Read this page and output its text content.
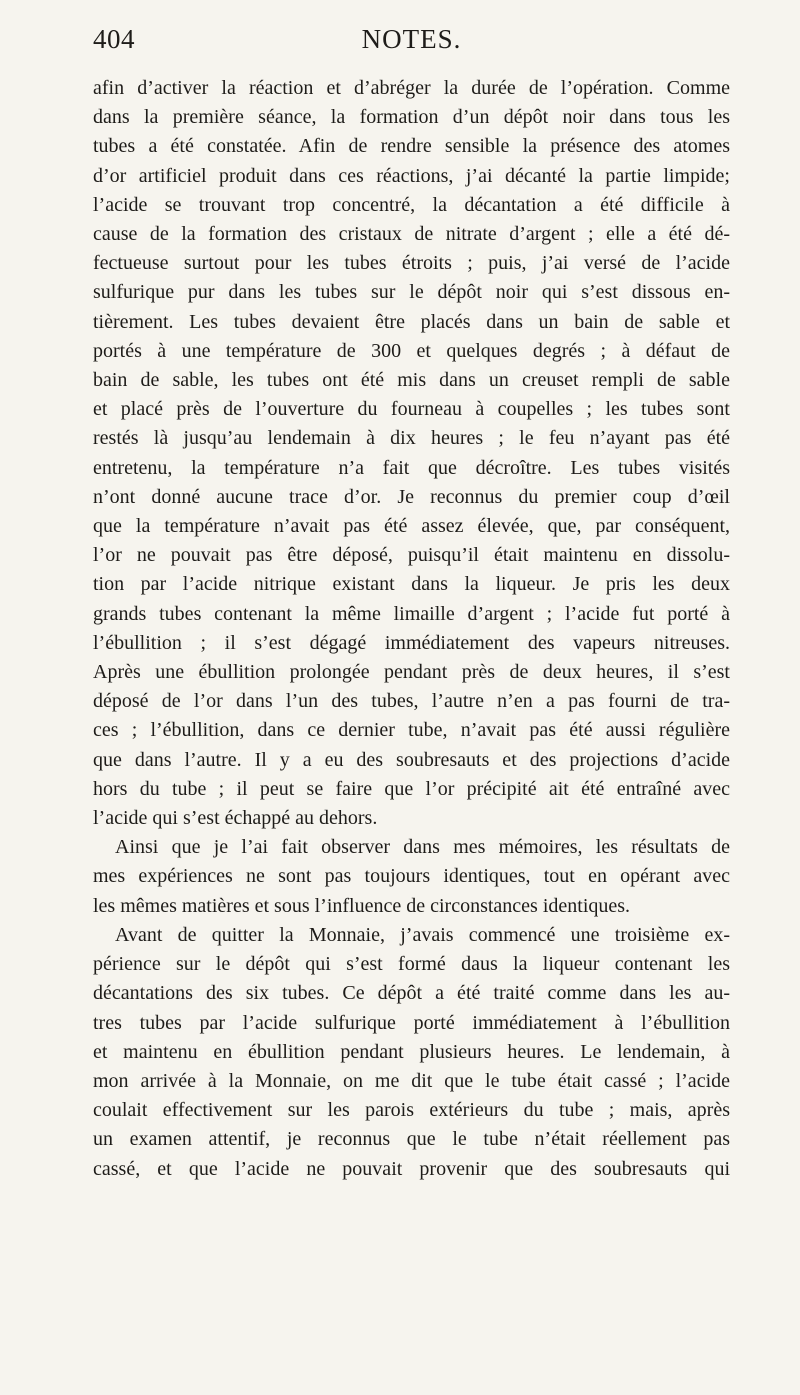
404	NOTES.

afin d’activer la réaction et d’abréger la durée de l’opération. Comme

dans la première séance, la formation d’un dépôt noir dans tous les

tubes a été constatée. Afin de rendre sensible la présence des atomes

d’or artificiel produit dans ces réactions, j’ai décanté la partie limpide;

l’acide se trouvant trop concentré, la décantation a été difficile à

cause de la formation des cristaux de nitrate d’argent ; elle a été dé-

fectueuse surtout pour les tubes étroits ; puis, j’ai versé de l’acide

sulfurique pur dans les tubes sur le dépôt noir qui s’est dissous en-

tièrement. Les tubes devaient être placés dans un bain de sable et

portés à une température de 300 et quelques degrés ; à défaut de

bain de sable, les tubes ont été mis dans un creuset rempli de sable

et placé près de l’ouverture du fourneau à coupelles ; les tubes sont

restés là jusqu’au lendemain à dix heures ; le feu n’ayant pas été

entretenu, la température n’a fait que décroître. Les tubes visités

n’ont donné aucune trace d’or. Je reconnus du premier coup d’œil

que la température n’avait pas été assez élevée, que, par conséquent,

l’or ne pouvait pas être déposé, puisqu’il était maintenu en dissolu-

tion par l’acide nitrique existant dans la liqueur. Je pris les deux

grands tubes contenant la même limaille d’argent ; l’acide fut porté à

l’ébullition ; il s’est dégagé immédiatement des vapeurs nitreuses.

Après une ébullition prolongée pendant près de deux heures, il s’est

déposé de l’or dans l’un des tubes, l’autre n’en a pas fourni de tra-

ces ; l’ébullition, dans ce dernier tube, n’avait pas été aussi régulière

que dans l’autre. Il y a eu des soubresauts et des projections d’acide

hors du tube ; il peut se faire que l’or précipité ait été entraîné avec

l’acide qui s’est échappé au dehors.

Ainsi que je l’ai fait observer dans mes mémoires, les résultats de

mes expériences ne sont pas toujours identiques, tout en opérant avec

les mêmes matières et sous l’influence de circonstances identiques.

Avant de quitter la Monnaie, j’avais commencé une troisième ex-

périence sur le dépôt qui s’est formé daus la liqueur contenant les

décantations des six tubes. Ce dépôt a été traité comme dans les au-

tres tubes par l’acide sulfurique porté immédiatement à l’ébullition

et maintenu en ébullition pendant plusieurs heures. Le lendemain, à

mon arrivée à la Monnaie, on me dit que le tube était cassé ; l’acide

coulait effectivement sur les parois extérieurs du tube ; mais, après

un examen attentif, je reconnus que le tube n’était réellement pas

cassé, et que l’acide ne pouvait provenir que des soubresauts qui
